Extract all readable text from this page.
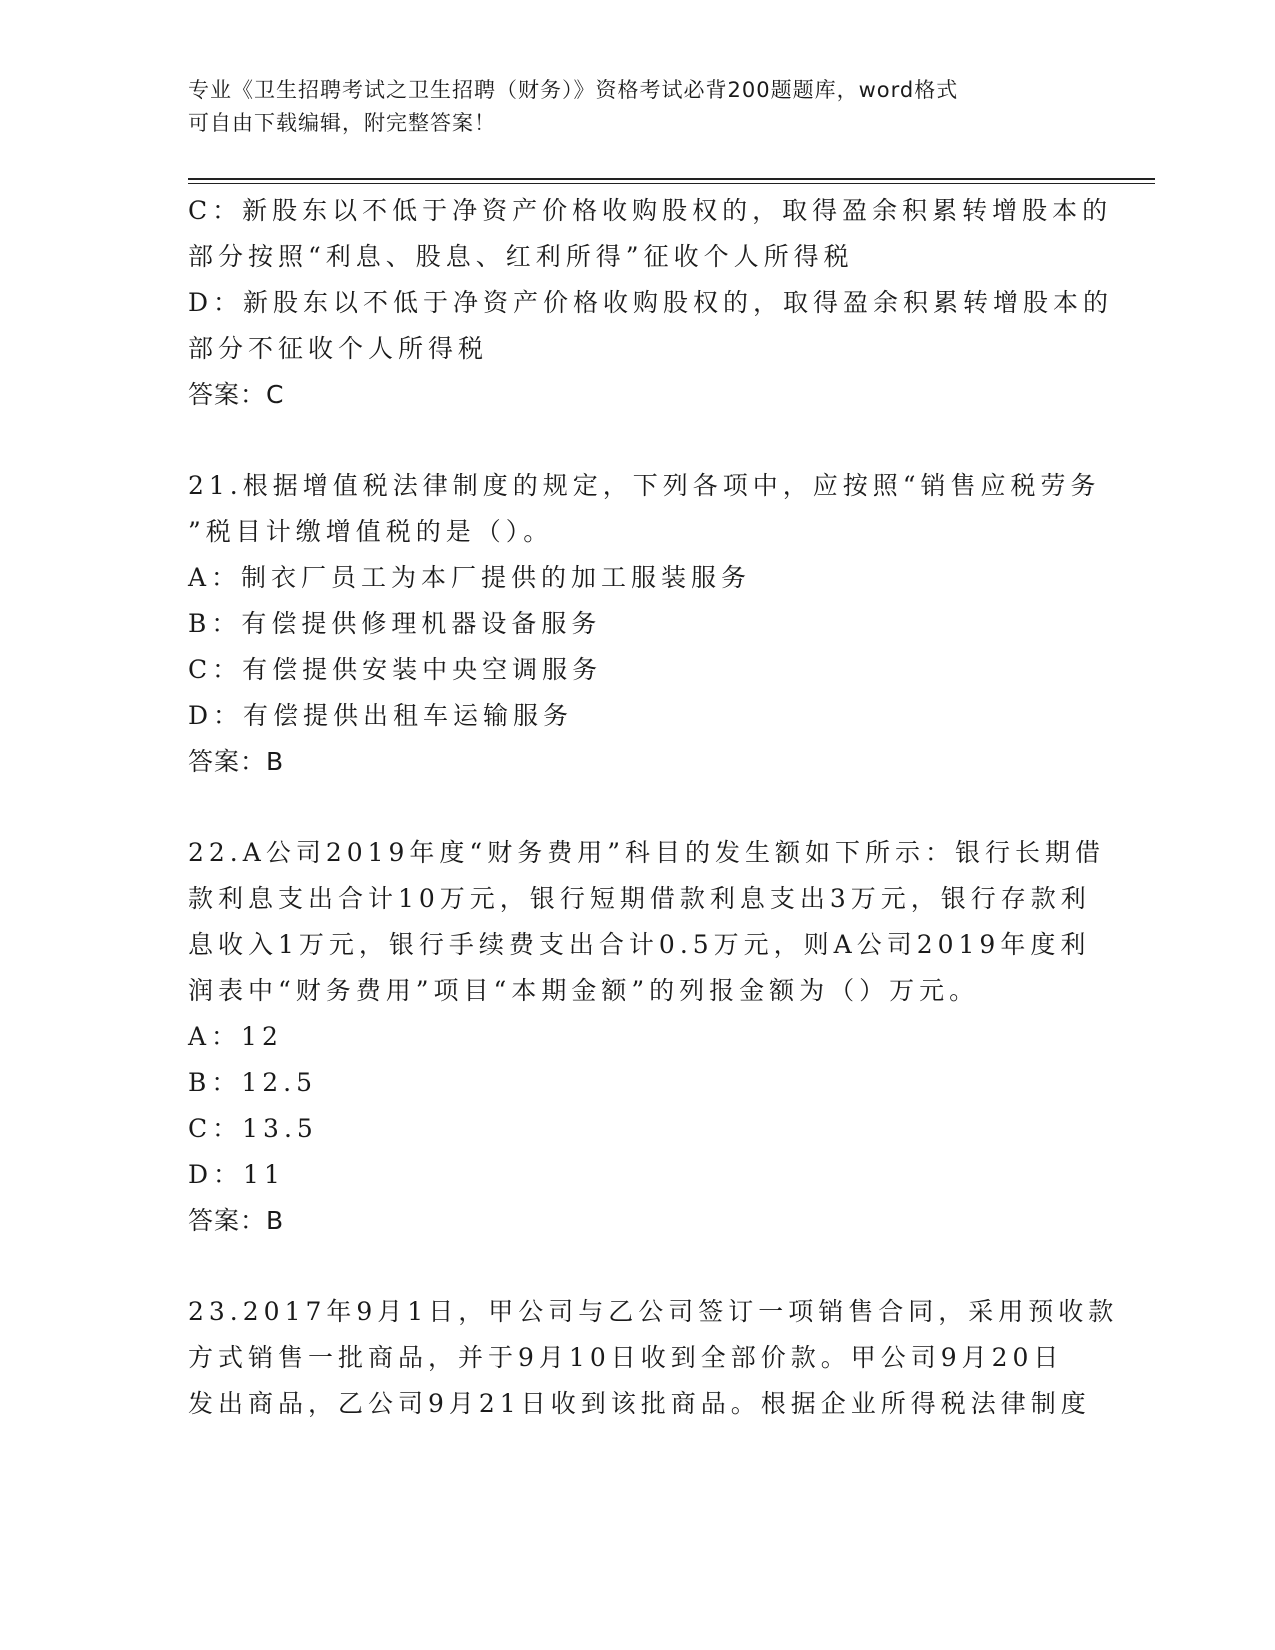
专业《卫生招聘考试之卫生招聘（财务）》资格考试必背200题题库，word格式
可自由下载编辑，附完整答案！
C：新股东以不低于净资产价格收购股权的，取得盈余积累转增股本的
部分按照“利息、股息、红利所得”征收个人所得税
D：新股东以不低于净资产价格收购股权的，取得盈余积累转增股本的
部分不征收个人所得税
答案：C
21.根据增值税法律制度的规定，下列各项中，应按照“销售应税劳务
”税目计缴增值税的是（）。
A：制衣厂员工为本厂提供的加工服装服务
B：有偿提供修理机器设备服务
C：有偿提供安装中央空调服务
D：有偿提供出租车运输服务
答案：B
22.A公司2019年度“财务费用”科目的发生额如下所示：银行长期借
款利息支出合计10万元，银行短期借款利息支出3万元，银行存款利
息收入1万元，银行手续费支出合计0.5万元，则A公司2019年度利
润表中“财务费用”项目“本期金额”的列报金额为（）万元。
A：12
B：12.5
C：13.5
D：11
答案：B
23.2017年9月1日，甲公司与乙公司签订一项销售合同，采用预收款
方式销售一批商品，并于9月10日收到全部价款。甲公司9月20日
发出商品，乙公司9月21日收到该批商品。根据企业所得税法律制度
